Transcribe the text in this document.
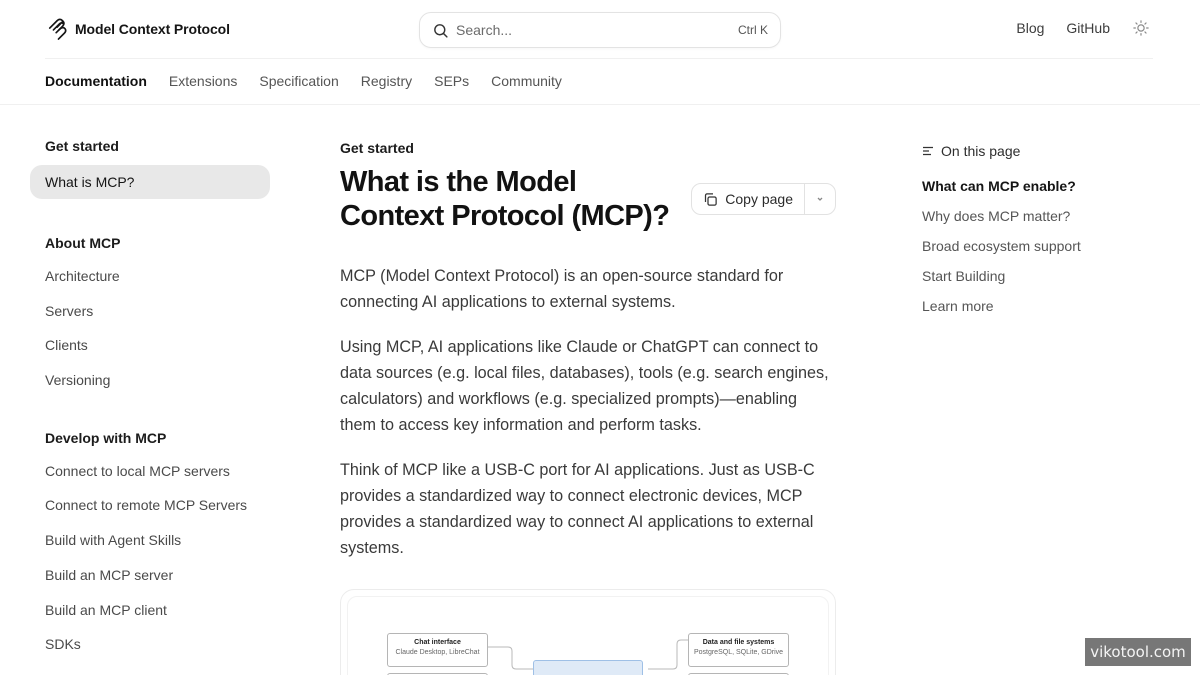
Model Context Protocol	Search...	Ctrl K	Blog GitHub
Documentation Extensions Specification Registry SEPs Community
Get started
What is MCP?
About MCP
Architecture
Servers
Clients
Versioning
Develop with MCP
Connect to local MCP servers
Connect to remote MCP Servers
Build with Agent Skills
Build an MCP server
Build an MCP client
SDKs
Get started
What is the Model Context Protocol (MCP)?
Copy page

MCP (Model Context Protocol) is an open-source standard for connecting AI applications to external systems.

Using MCP, AI applications like Claude or ChatGPT can connect to data sources (e.g. local files, databases), tools (e.g. search engines, calculators) and workflows (e.g. specialized prompts)—enabling them to access key information and perform tasks.

Think of MCP like a USB-C port for AI applications. Just as USB-C provides a standardized way to connect electronic devices, MCP provides a standardized way to connect AI applications to external systems.

Chat interface
Claude Desktop, LibreChat
Data and file systems
PostgreSQL, SQLite, GDrive
On this page
What can MCP enable?
Why does MCP matter?
Broad ecosystem support
Start Building
Learn more
vikotool.com
